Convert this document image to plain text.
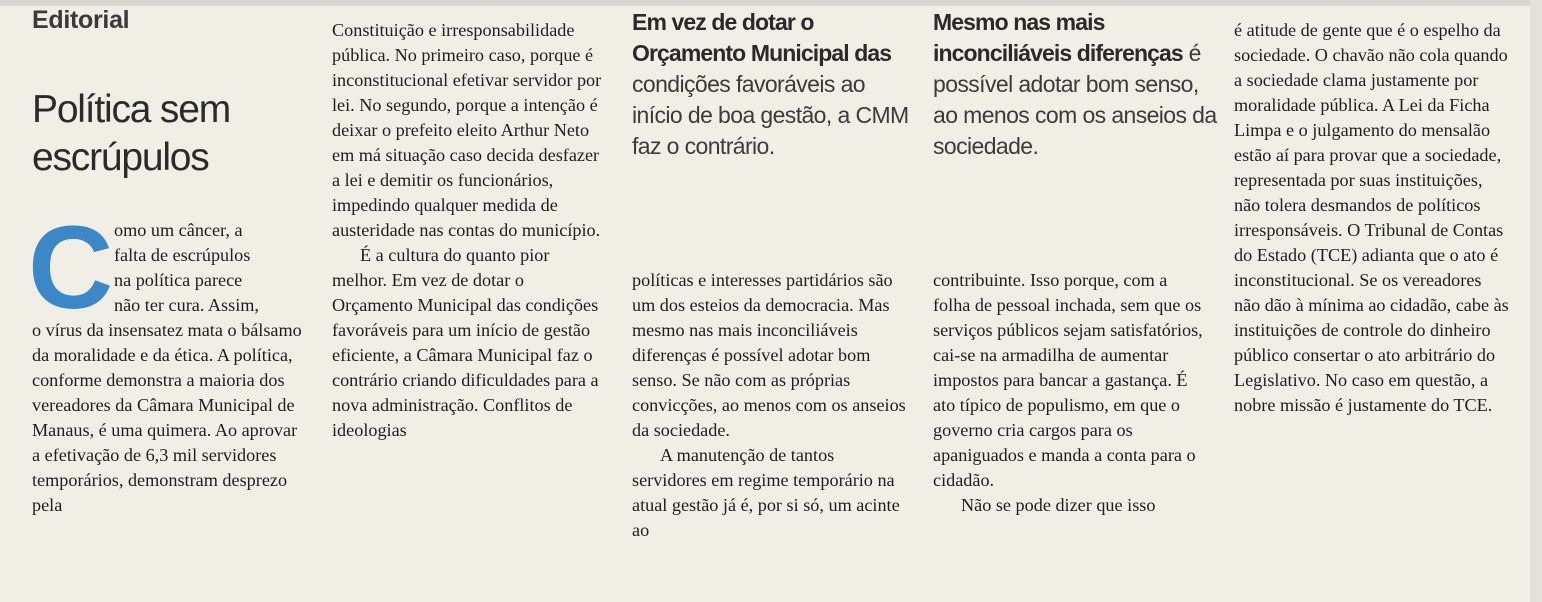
Editorial
Política sem escrúpulos
C omo um câncer, a
falta de escrúpulos
na política parece
não ter cura. Assim,

o vírus da insensatez mata o bálsamo da moralidade e da ética. A política, conforme demonstra a maioria dos vereadores da Câmara Municipal de Manaus, é uma quimera. Ao aprovar a efetivação de 6,3 mil servidores temporários, demonstram desprezo pela

Constituição e irresponsabilidade pública. No primeiro caso, porque é inconstitucional efetivar servidor por lei. No segundo, porque a intenção é deixar o prefeito eleito Arthur Neto em má situação caso decida desfazer a lei e demitir os funcionários, impedindo qualquer medida de austeridade nas contas do município.

É a cultura do quanto pior melhor. Em vez de dotar o Orçamento Municipal das condições favoráveis para um início de gestão eficiente, a Câmara Municipal faz o contrário criando dificuldades para a nova administração. Conflitos de ideologias

Em vez de dotar o Orçamento Municipal das condições favoráveis ao início de boa gestão, a CMM faz o contrário.

políticas e interesses partidários são um dos esteios da democracia. Mas mesmo nas mais inconciliáveis diferenças é possível adotar bom senso. Se não com as próprias convicções, ao menos com os anseios da sociedade.

A manutenção de tantos servidores em regime temporário na atual gestão já é, por si só, um acinte ao

Mesmo nas mais inconciliáveis diferenças é possível adotar bom senso, ao menos com os anseios da sociedade.

contribuinte. Isso porque, com a folha de pessoal inchada, sem que os serviços públicos sejam satisfatórios, cai-se na armadilha de aumentar impostos para bancar a gastança. É ato típico de populismo, em que o governo cria cargos para os apaniguados e manda a conta para o cidadão.

Não se pode dizer que isso

é atitude de gente que é o espelho da sociedade. O chavão não cola quando a sociedade clama justamente por moralidade pública. A Lei da Ficha Limpa e o julgamento do mensalão estão aí para provar que a sociedade, representada por suas instituições, não tolera desmandos de políticos irresponsáveis. O Tribunal de Contas do Estado (TCE) adianta que o ato é inconstitucional. Se os vereadores não dão à mínima ao cidadão, cabe às instituições de controle do dinheiro público consertar o ato arbitrário do Legislativo. No caso em questão, a nobre missão é justamente do TCE.
